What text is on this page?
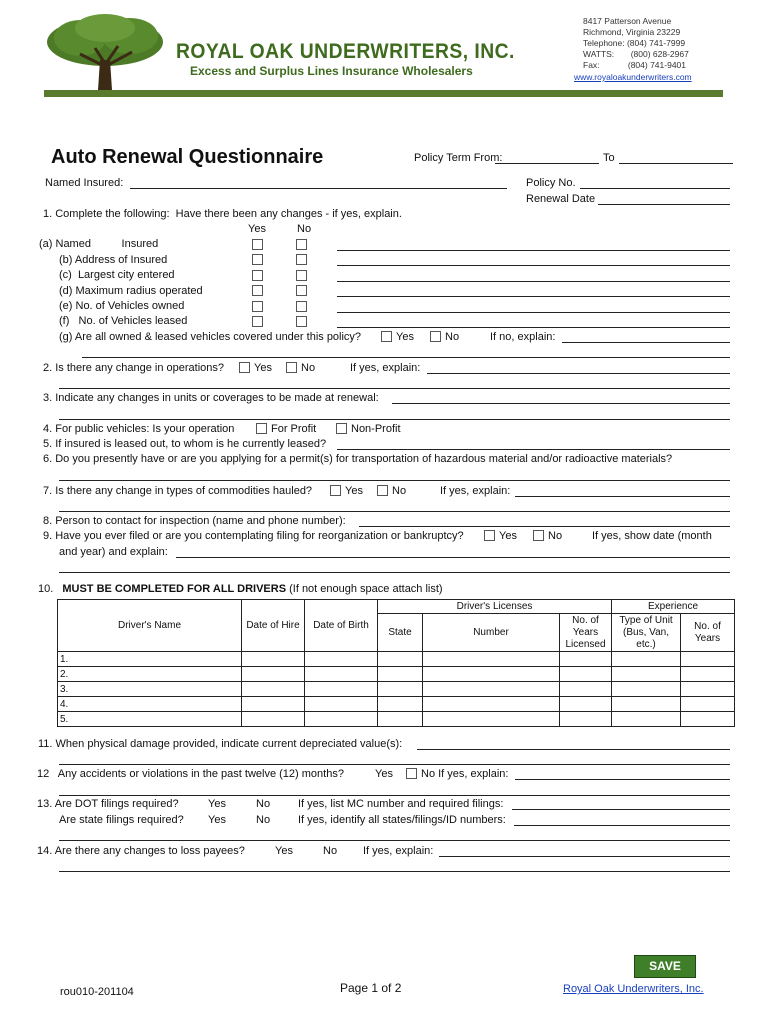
ROYAL OAK UNDERWRITERS, INC.
Excess and Surplus Lines Insurance Wholesalers
8417 Patterson Avenue
Richmond, Virginia 23229
Telephone: (804) 741-7999
WATTS:       (800) 628-2967
Fax:            (804) 741-9401
www.royaloakunderwriters.com
Auto Renewal Questionnaire	Policy Term From:	To
Named Insured:	Policy No.
Renewal Date
1. Complete the following:  Have there been any changes - if yes, explain.
Yes	No
(a) Named          Insured
(b) Address of Insured
(c)  Largest city entered
(d) Maximum radius operated
(e) No. of Vehicles owned
(f)   No. of Vehicles leased
(g) Are all owned & leased vehicles covered under this policy?	Yes	No	If no, explain:
2. Is there any change in operations?	Yes	No	If yes, explain:
3. Indicate any changes in units or coverages to be made at renewal:
4. For public vehicles: Is your operation	For Profit	Non-Profit
5. If insured is leased out, to whom is he currently leased?
6. Do you presently have or are you applying for a permit(s) for transportation of hazardous material and/or radioactive materials?
7. Is there any change in types of commodities hauled?	Yes	No	If yes, explain:
8. Person to contact for inspection (name and phone number):
9. Have you ever filed or are you contemplating filing for reorganization or bankruptcy?	Yes	No	If yes, show date (month
and year) and explain:
10. MUST BE COMPLETED FOR ALL DRIVERS (If not enough space attach list)
Driver's Name	Date of Hire	Date of Birth	Driver's Licenses			Experience	
			State	Number	No. of Years Licensed	Type of Unit (Bus, Van, etc.)	No. of Years
1.							
2.							
3.							
4.							
5.							
11. When physical damage provided, indicate current depreciated value(s):
12   Any accidents or violations in the past twelve (12) months?	Yes	No If yes, explain:
13. Are DOT filings required?	Yes	No	If yes, list MC number and required filings:
Are state filings required? Yes	No	If yes, identify all states/filings/ID numbers:
14. Are there any changes to loss payees?	Yes	No If yes, explain:
SAVE
rou010-201104	Page 1 of 2	Royal Oak Underwriters, Inc.
